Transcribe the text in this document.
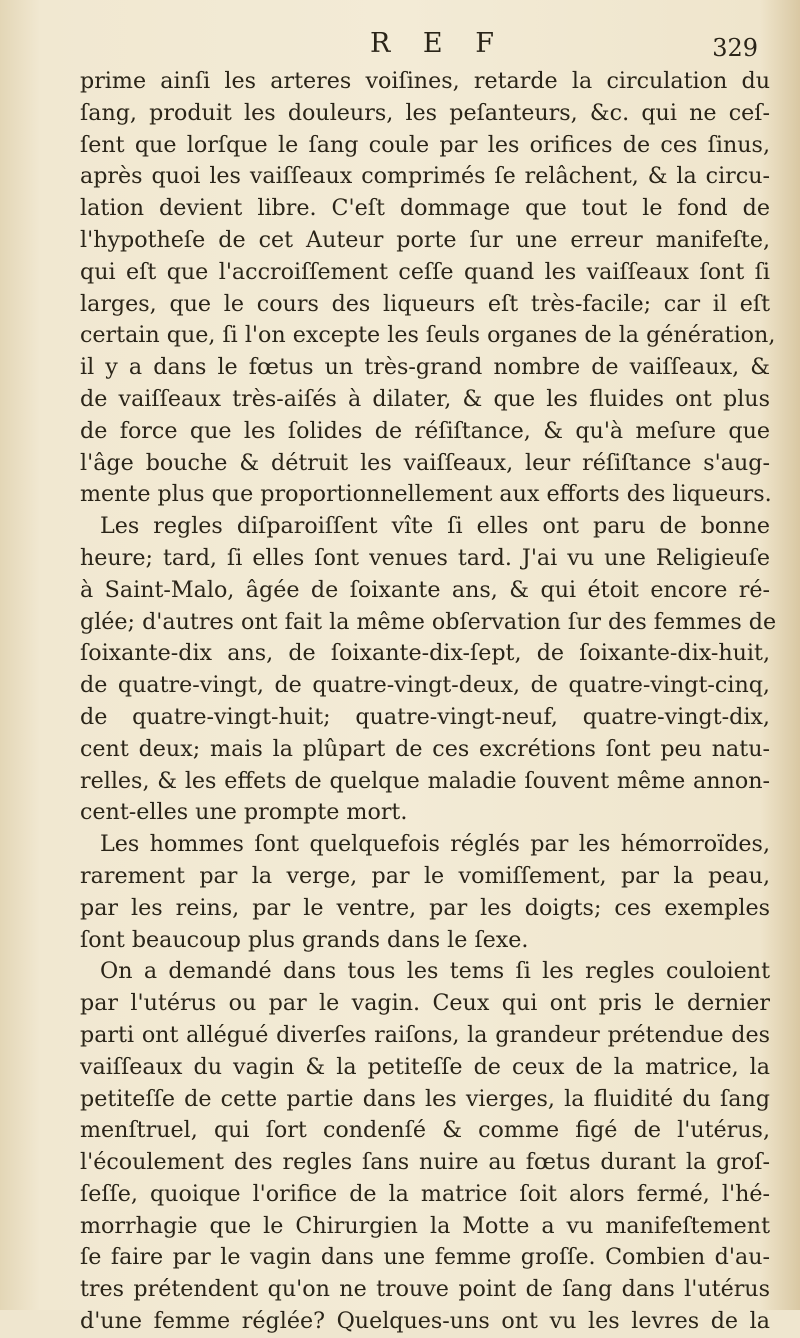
R E F	329
prime ainſi les arteres voiſines, retarde la circulation du
ſang, produit les douleurs, les peſanteurs, &c. qui ne ceſ-
ſent que lorſque le ſang coule par les orifices de ces ſinus,
après quoi les vaiſſeaux comprimés ſe relâchent, & la circu-
lation devient libre. C'eſt dommage que tout le fond de
l'hypotheſe de cet Auteur porte ſur une erreur manifeſte,
qui eſt que l'accroiſſement ceſſe quand les vaiſſeaux ſont ſi
larges, que le cours des liqueurs eſt très-facile; car il eſt
certain que, ſi l'on excepte les ſeuls organes de la génération,
il y a dans le fœtus un très-grand nombre de vaiſſeaux, &
de vaiſſeaux très-aiſés à dilater, & que les fluides ont plus
de force que les ſolides de réſiſtance, & qu'à meſure que
l'âge bouche & détruit les vaiſſeaux, leur réſiſtance s'aug-
mente plus que proportionnellement aux efforts des liqueurs.
Les regles diſparoiſſent vîte ſi elles ont paru de bonne
heure; tard, ſi elles ſont venues tard. J'ai vu une Religieuſe
à Saint-Malo, âgée de ſoixante ans, & qui étoit encore ré-
glée; d'autres ont fait la même obſervation ſur des femmes de
ſoixante-dix ans, de ſoixante-dix-ſept, de ſoixante-dix-huit,
de quatre-vingt, de quatre-vingt-deux, de quatre-vingt-cinq,
de quatre-vingt-huit; quatre-vingt-neuf, quatre-vingt-dix,
cent deux; mais la plûpart de ces excrétions ſont peu natu-
relles, & les effets de quelque maladie ſouvent même annon-
cent-elles une prompte mort.
Les hommes ſont quelquefois réglés par les hémorroïdes,
rarement par la verge, par le vomiſſement, par la peau,
par les reins, par le ventre, par les doigts; ces exemples
ſont beaucoup plus grands dans le ſexe.
On a demandé dans tous les tems ſi les regles couloient
par l'utérus ou par le vagin. Ceux qui ont pris le dernier
parti ont allégué diverſes raiſons, la grandeur prétendue des
vaiſſeaux du vagin & la petiteſſe de ceux de la matrice, la
petiteſſe de cette partie dans les vierges, la fluidité du ſang
menſtruel, qui ſort condenſé & comme figé de l'utérus,
l'écoulement des regles ſans nuire au fœtus durant la groſ-
ſeſſe, quoique l'orifice de la matrice ſoit alors fermé, l'hé-
morrhagie que le Chirurgien la Motte a vu manifeſtement
ſe faire par le vagin dans une femme groſſe. Combien d'au-
tres prétendent qu'on ne trouve point de ſang dans l'utérus
d'une femme réglée? Quelques-uns ont vu les levres de la
